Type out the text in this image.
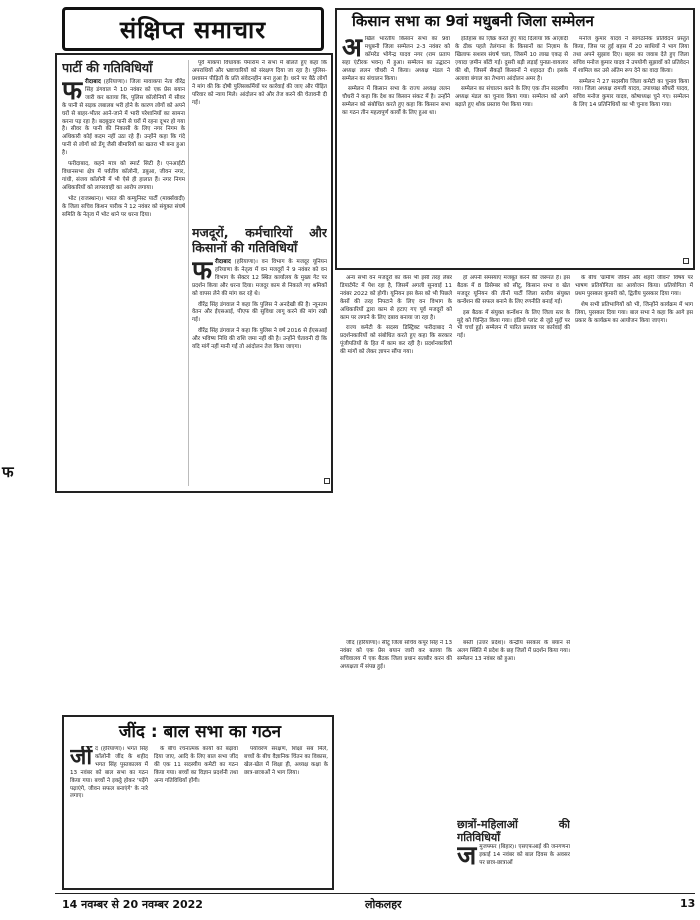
फ
संक्षिप्त समाचार
पार्टी की गतिविधियाँ
फ रीदाबाद (हरियाणा)। जिला मावाकपा नेता वीरेंद्र सिंह डंगवाल ने 10 नवंबर को एक प्रेस बयान जारी कर बताया कि, पुलिस कॉलोनियों में सीवर के पानी से सड़क लबालब भरी होने के कारण लोगों को अपने घरों से बाहर-भीतर आने-जाने में भारी परेशानियों का सामना करना पड़ रहा है। बदबूदार पानी से घरों में रहना दूभर हो गया है। सीवर के पानी की निकासी के लिए नगर निगम के अधिकारी कोई कदम नहीं उठा रहे हैं। उन्होंने कहा कि गंदे पानी से लोगों को डेंगू जैसी बीमारियों का खतरा भी बना हुआ है।

फरीदाबाद, कहने मात्र को स्मार्ट सिटी है। एनआईटी विधानसभा क्षेत्र में पर्वतीय कॉलोनी, डबुआ, जीवन नगर, गांधी, संजय कॉलोनी में भी ऐसे ही हालात हैं। नगर निगम अधिकारियों को लापरवाही का आरोप लगाया।

भोट (राजस्थान)। भारत की कम्युनिस्ट पार्टी (मार्क्सवादी) के जिला सचिव किशन पारीक ने 12 नवंबर को संयुक्त संघर्ष समिति के नेतृत्व में भोट थाने पर धरना दिया।

पूर्व माकपा विधायक पेमाराम ने सभा में बोलते हुए कहा कि अपराधियों और भ्रष्टाचारियों को संरक्षण दिया जा रहा है। पुलिस-प्रशासन पीड़ितों के प्रति संवेदनहीन बना हुआ है। धरने पर बैठे लोगों ने मांग की कि दोषी पुलिसकर्मियों पर कार्रवाई की जाए और पीड़ित परिवार को न्याय मिले। आंदोलन को और तेज करने की चेतावनी दी गई।

मजदूरों, कर्मचारियों और किसानों की गतिविधियाँ
फ रीदाबाद (हरियाणा)। वन विभाग के मजदूर यूनियन हरियाणा के नेतृत्व में वन मजदूरों ने 9 नवंबर को वन विभाग के सेक्टर 12 स्थित कार्यालय के मुख्य गेट पर प्रदर्शन किया और धरना दिया। मजदूर काम से निकाले गए श्रमिकों को वापस लेने की मांग कर रहे थे।

वीरेंद्र सिंह डंगवाल ने कहा कि पुलिस ने अनदेखी की है। न्यूनतम वेतन और ईएसआई, पीएफ की सुविधा लागू करने की मांग रखी गई।

वीरेंद्र सिंह डंगवाल ने कहा कि पुलिस ने वर्ष 2016 से ईएसआई और भविष्य निधि की राशि जमा नहीं की है। उन्होंने चेतावनी दी कि यदि मांगें नहीं मानी गईं तो आंदोलन तेज किया जाएगा।

किसान सभा का 9वां मधुबनी जिला सम्मेलन
अ खिल भारतीय किसान सभा का 9वां मधुबनी जिला सम्मेलन 2-3 नवंबर को कॉमरेड भोगेन्द्र यादव नगर (राम प्रताप सहा एंटीरक भवन) में हुआ। सम्मेलन का उद्घाटन अध्यक्ष ललन चौधरी ने किया। अध्यक्ष मंडल ने सम्मेलन का संचालन किया।

सम्मेलन में किसान सभा के राज्य अध्यक्ष ललन चौधरी ने कहा कि देश का किसान संकट में है। उन्होंने सम्मेलन को संबोधित करते हुए कहा कि किसान सभा का गठन तीन महत्वपूर्ण कार्यों के लिए हुआ था।

इतिहास का ज़िक्र करते हुए याद दिलाया कि आज़ादी के ठीक पहले तेलंगाना के किसानों का निज़ाम के खिलाफ सशस्त्र संघर्ष चला, जिसमें 10 लाख एकड़ से ज़्यादा ज़मीन बाँटी गई। दुसरी बड़ी लड़ाई पुनप्रा-वायलार की थी, जिसमें सैकड़ों किसानों ने शहादत दी। इसके अलावा बंगाल का तेभागा आंदोलन अमर है।

सम्मेलन का संचालन करने के लिए एक तीन सदस्यीय अध्यक्ष मंडल का चुनाव किया गया। सम्मेलन को आगे बढ़ाते हुए शोक प्रस्ताव पेश किया गया।

मनोज कुमार यादव ने सांगठनिक प्रतिवेदन प्रस्तुत किया, जिस पर हुई बहस में 20 साथियों ने भाग लिया तथा अपने सुझाव दिए। बहस का जवाब देते हुए जिला सचिव मनोज कुमार यादव ने उपयोगी सुझावों को प्रतिवेदन में शामिल कर उसे अंतिम रूप देने का वादा किया।

सम्मेलन ने 27 सदस्यीय जिला कमेटी का चुनाव किया गया। जिला अध्यक्ष रामजी यादव, उपाध्यक्ष सौधरी यादव, सचिव मनोज कुमार यादव, कोषाध्यक्ष चुने गए। सम्मेलन के लिए 14 प्रतिनिधियों का भी चुनाव किया गया।

अन्य सभी वन मजदूरों का केस भी इसी तरह लेबर डिपार्टमेंट में पेश रहा है, जिसमें अगली सुनवाई 11 नवंबर 2022 को होगी। यूनियन इस केस को भी पिछले केसों की तरह निपटाने के लिए वन विभाग के अधिकारियों द्वारा काम से हटाए गए पूर्व मजदूरों को काम पर लगाने के लिए दबाव बनाया जा रहा है।

राज्य कमेटी के सदस्य डिस्ट्रिक्ट फरीदाबाद ने प्रदर्शनकारियों को संबोधित करते हुए कहा कि सरकार पूंजीपतियों के हित में काम कर रही है। प्रदर्शनकारियों की मांगों को लेकर ज्ञापन सौंपा गया।

हाँ अपनी समस्याएं मजबूत करने की जरूरत है। इस बैठक में 8 डिसेम्बर को सीटू, किसान सभा व खेत मजदूर यूनियन की तीनों पार्टी जिला स्तरीय संयुक्त कन्वेंशन की सफल बनाने के लिए रणनीति बनाई गई।

इस बैठक में संयुक्त कन्वेंशन के लिए जिला स्तर के मुद्दे को चिन्हित किया गया। इंडिगो प्लांट से जुड़े मुद्दों पर भी चर्चा हुई। सम्मेलन में पारित प्रस्ताव पर कार्रवाई की गई।

के बीच 'ग्रामीण जीवन और शहरी जीवन' विषय पर भाषण प्रतियोगिता का आयोजन किया। प्रतियोगिता में प्रथम पुरस्कार कुमारी को, द्वितीय पुरस्कार दिया गया।

शेष सभी प्रतिभागियों को भी, जिन्होंने कार्यक्रम में भाग लिया, पुरस्कार दिया गया। बाल सभा ने कहा कि आगे इस प्रकार के कार्यक्रम का आयोजन किया जाएगा।

जींद (हरियाणा)। सीटू जिला सचिव कपूर सिंह ने 13 नवंबर को एक प्रेस बयान जारी कर बताया कि सचिवालय में एक बैठक जिला प्रधान सतबीर करन की अध्यक्षता में संपन्न हुई।

बस्ती (उत्तर प्रदेश)। केन्द्रीय सरकार के बयान से अलग स्थिति में प्रदेश के छह जिलों में प्रदर्शन किया गया। सम्मेलन 13 नवंबर को हुआ।

छात्रों-महिलाओं की गतिविधियाँ
ज मुजफ्फर (बिहार)। एसएफआई की जनगणना इकाई 14 नवंबर को बाल दिवस के अवसर पर छात्र-छात्राओं
जींद : बाल सभा का गठन
जीं द (हरियाणा)। भगत सिंह कॉलोनी जींद के शहीद भगत सिंह पुस्तकालय में 13 नवंबर को बाल सभा का गठन किया गया। बच्चों ने इकट्ठे होकर 'पढ़ेंगे पढ़ाएंगे, जीवन सफल बनाएंगे' के नारे लगाए।

के बीच रचनात्मक कार्यों को बढ़ावा दिया जाए, आदि के लिए बाल सभा जींद की एक 11 सदस्यीय कमेटी का गठन किया गया। बच्चों का विज्ञान प्रदर्शनी तथा अन्य गतिविधियाँ होंगी।

पर्यावरण संरक्षण, शिक्षा सब मिलें, बच्चों के बीच वैज्ञानिक चिंतन का विकास, खेल-खेल में शिक्षा ही, अध्यक्ष कक्षा के छात्र-छात्राओं ने भाग लिया।

14 नवम्बर से 20 नवम्बर 2022	लोकलहर	13
